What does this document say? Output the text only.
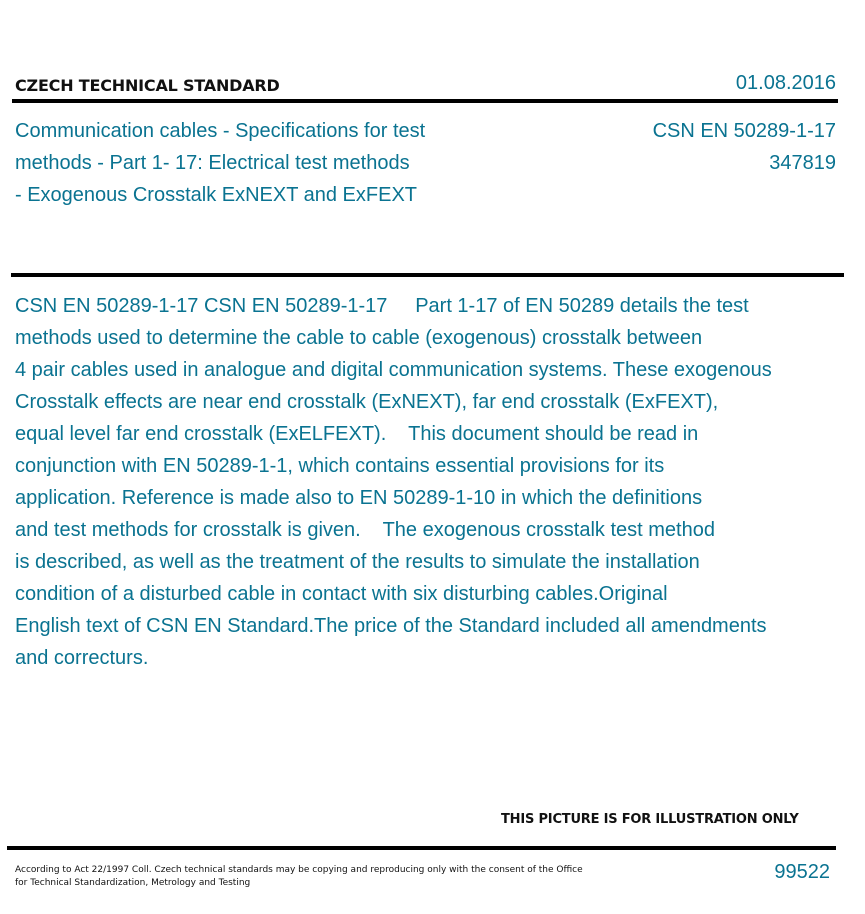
CZECH TECHNICAL STANDARD	01.08.2016
Communication cables - Specifications for test
methods - Part 1- 17: Electrical test methods
- Exogenous Crosstalk ExNEXT and ExFEXT
CSN EN 50289-1-17
347819
CSN EN 50289-1-17 CSN EN 50289-1-17     Part 1-17 of EN 50289 details the test
methods used to determine the cable to cable (exogenous) crosstalk between
4 pair cables used in analogue and digital communication systems. These exogenous
Crosstalk effects are near end crosstalk (ExNEXT), far end crosstalk (ExFEXT),
equal level far end crosstalk (ExELFEXT).    This document should be read in
conjunction with EN 50289-1-1, which contains essential provisions for its
application. Reference is made also to EN 50289-1-10 in which the definitions
and test methods for crosstalk is given.    The exogenous crosstalk test method
is described, as well as the treatment of the results to simulate the installation
condition of a disturbed cable in contact with six disturbing cables.Original
English text of CSN EN Standard.The price of the Standard included all amendments
and correcturs.
THIS PICTURE IS FOR ILLUSTRATION ONLY
According to Act 22/1997 Coll. Czech technical standards may be copying and reproducing only with the consent of the Office
for Technical Standardization, Metrology and Testing	99522
